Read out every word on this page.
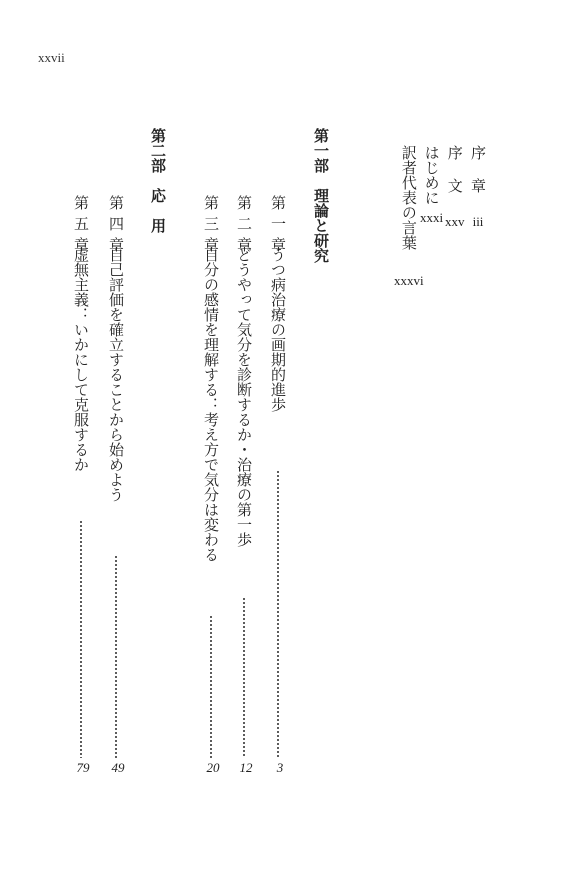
xxvii
序 章iii
序 文xxv
はじめにxxxi
訳者代表の言葉xxxvi
第一部　理論と研究
第一章
うつ病治療の画期的進歩
3
第二章
どうやって気分を診断するか・治療の第一歩
12
第三章
自分の感情を理解する：考え方で気分は変わる
20
第二部　応　用
第四章
自己評価を確立することから始めよう
49
第五章
虚無主義：いかにして克服するか
79
